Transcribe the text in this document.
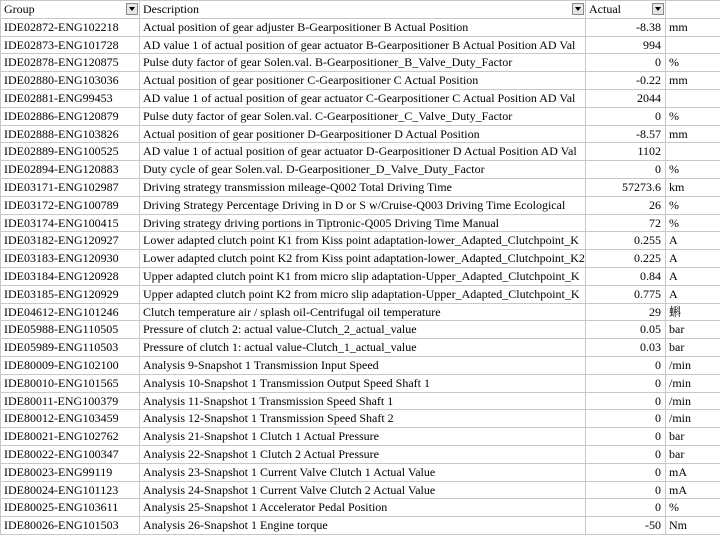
Group	Description	Actual

IDE02872-ENG102218	Actual position of gear adjuster B-Gearpositioner B Actual Position	-8.38	mm
IDE02873-ENG101728	AD value 1 of actual position of gear actuator B-Gearpositioner B Actual Position AD Val	994	
IDE02878-ENG120875	Pulse duty factor of gear Solen.val. B-Gearpositioner_B_Valve_Duty_Factor	0	%
IDE02880-ENG103036	Actual position of gear positioner C-Gearpositioner C Actual Position	-0.22	mm
IDE02881-ENG99453	AD value 1 of actual position of gear actuator C-Gearpositioner C Actual Position AD Val	2044	
IDE02886-ENG120879	Pulse duty factor of gear Solen.val. C-Gearpositioner_C_Valve_Duty_Factor	0	%
IDE02888-ENG103826	Actual position of gear positioner D-Gearpositioner D Actual Position	-8.57	mm
IDE02889-ENG100525	AD value 1 of actual position of gear actuator D-Gearpositioner D Actual Position AD Val	1102	
IDE02894-ENG120883	Duty cycle of gear Solen.val. D-Gearpositioner_D_Valve_Duty_Factor	0	%
IDE03171-ENG102987	Driving strategy transmission mileage-Q002 Total Driving Time	57273.6	km
IDE03172-ENG100789	Driving Strategy Percentage Driving in D or S w/Cruise-Q003 Driving Time Ecological	26	%
IDE03174-ENG100415	Driving strategy driving portions in Tiptronic-Q005 Driving Time Manual	72	%
IDE03182-ENG120927	Lower adapted clutch point K1 from Kiss point adaptation-lower_Adapted_Clutchpoint_K	0.255	A
IDE03183-ENG120930	Lower adapted clutch point K2 from Kiss point adaptation-lower_Adapted_Clutchpoint_K2	0.225	A
IDE03184-ENG120928	Upper adapted clutch point K1 from micro slip adaptation-Upper_Adapted_Clutchpoint_K	0.84	A
IDE03185-ENG120929	Upper adapted clutch point K2 from micro slip adaptation-Upper_Adapted_Clutchpoint_K	0.775	A
IDE04612-ENG101246	Clutch temperature air / splash oil-Centrifugal oil temperature	29	蝌
IDE05988-ENG110505	Pressure of clutch 2: actual value-Clutch_2_actual_value	0.05	bar
IDE05989-ENG110503	Pressure of clutch 1: actual value-Clutch_1_actual_value	0.03	bar
IDE80009-ENG102100	Analysis 9-Snapshot 1 Transmission Input Speed	0	/min
IDE80010-ENG101565	Analysis 10-Snapshot 1 Transmission Output Speed Shaft 1	0	/min
IDE80011-ENG100379	Analysis 11-Snapshot 1 Transmission Speed Shaft 1	0	/min
IDE80012-ENG103459	Analysis 12-Snapshot 1 Transmission Speed Shaft 2	0	/min
IDE80021-ENG102762	Analysis 21-Snapshot 1 Clutch 1 Actual Pressure	0	bar
IDE80022-ENG100347	Analysis 22-Snapshot 1 Clutch 2 Actual Pressure	0	bar
IDE80023-ENG99119	Analysis 23-Snapshot 1 Current Valve Clutch 1 Actual Value	0	mA
IDE80024-ENG101123	Analysis 24-Snapshot 1 Current Valve Clutch 2 Actual Value	0	mA
IDE80025-ENG103611	Analysis 25-Snapshot 1 Accelerator Pedal Position	0	%
IDE80026-ENG101503	Analysis 26-Snapshot 1 Engine torque	-50	Nm
